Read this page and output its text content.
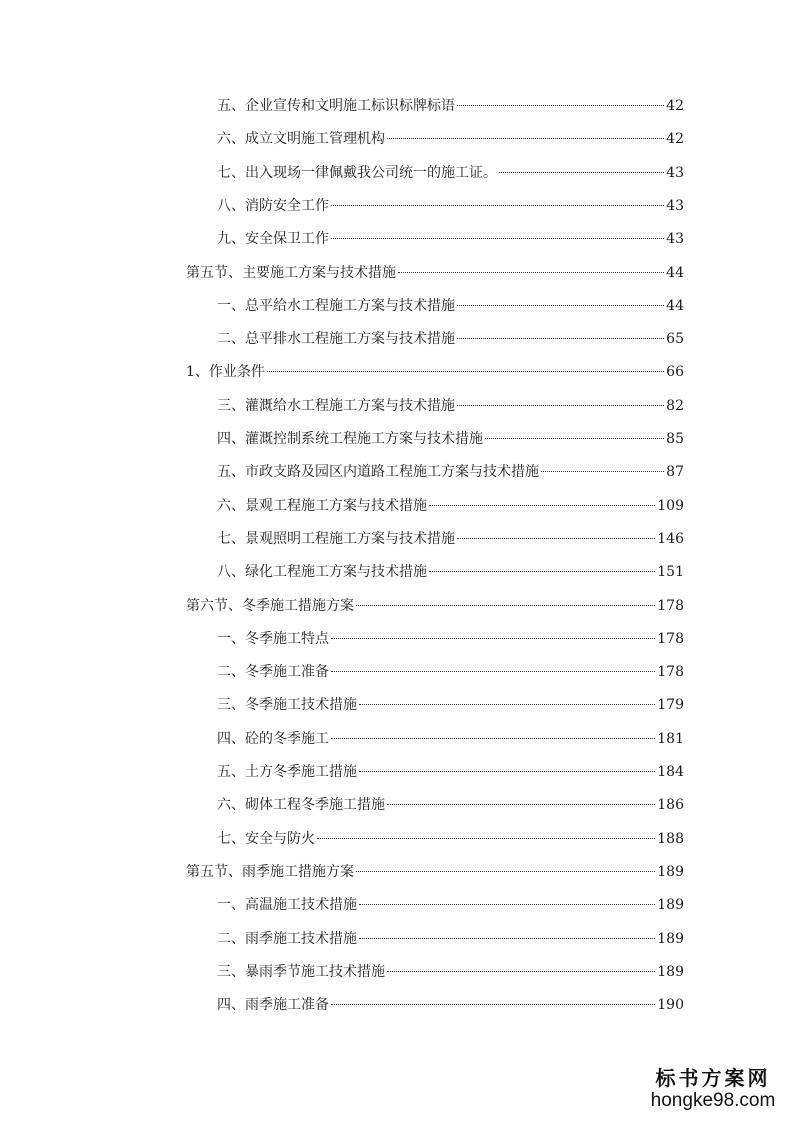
五、企业宣传和文明施工标识标牌标语	42
六、成立文明施工管理机构	42
七、出入现场一律佩戴我公司统一的施工证。	43
八、消防安全工作	43
九、安全保卫工作	43
第五节、主要施工方案与技术措施	44
一、总平给水工程施工方案与技术措施	44
二、总平排水工程施工方案与技术措施	65
1、作业条件	66
三、灌溉给水工程施工方案与技术措施	82
四、灌溉控制系统工程施工方案与技术措施	85
五、市政支路及园区内道路工程施工方案与技术措施	87
六、景观工程施工方案与技术措施	109
七、景观照明工程施工方案与技术措施	146
八、绿化工程施工方案与技术措施	151
第六节、冬季施工措施方案	178
一、冬季施工特点	178
二、冬季施工准备	178
三、冬季施工技术措施	179
四、砼的冬季施工	181
五、土方冬季施工措施	184
六、砌体工程冬季施工措施	186
七、安全与防火	188
第五节、雨季施工措施方案	189
一、高温施工技术措施	189
二、雨季施工技术措施	189
三、暴雨季节施工技术措施	189
四、雨季施工准备	190
标书方案网
hongke98.com
